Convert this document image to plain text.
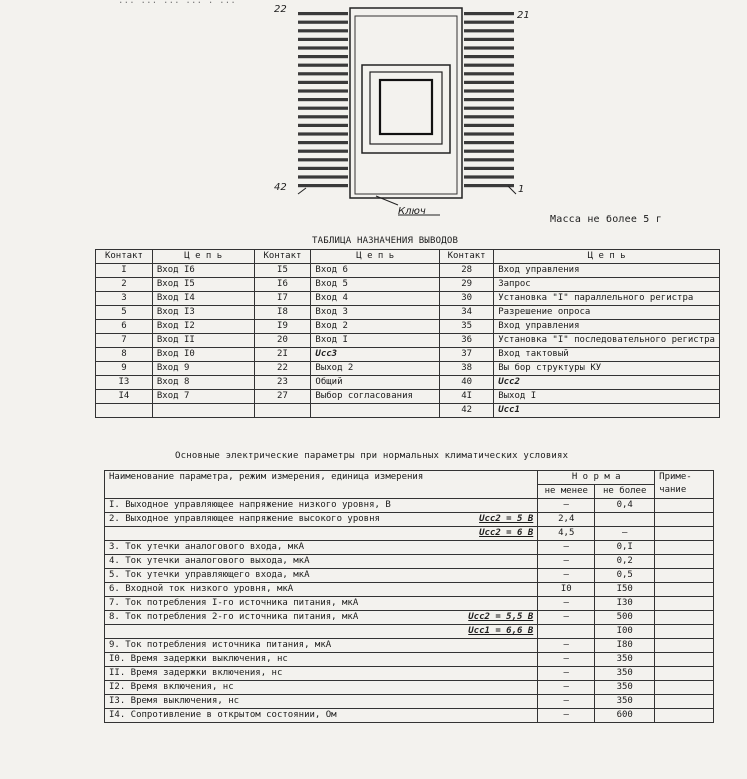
... ... ... ... . ...
22
21
42	1
Ключ
Масса не более 5 г
ТАБЛИЦА НАЗНАЧЕНИЯ ВЫВОДОВ
Контакт	Ц е п ь	Контакт	Ц е п ь	Контакт	Ц е п ь
I	Вход I6	I5	Вход 6	28	Вход управления
2	Вход I5	I6	Вход 5	29	Запрос
3	Вход I4	I7	Вход 4	30	Установка "I" параллельного регистра
5	Вход I3	I8	Вход 3	34	Разрешение опроса
6	Вход I2	I9	Вход 2	35	Вход управления
7	Вход II	20	Вход I	36	Установка "I" последовательного регистра
8	Вход I0	2I	Ucc3	37	Вход тактовый
9	Вход 9	22	Выход 2	38	Вы бор структуры КУ
I3	Вход 8	23	Общий	40	Ucc2
I4	Вход 7	27	Выбор согласования	4I	Выход I
				42	Ucc1
Основные электрические параметры при нормальных климатических условиях
Наименование параметра, режим измерения, единица измерения		Н о р м а		Приме-чание
		не менее	не более	
I. Выходное управляющее напряжение низкого уровня, В		–	0,4	
2. Выходное управляющее напряжение высокого уровня	Ucc2 = 5 В	2,4		
	Ucc2 = 6 В	4,5	–	
3. Ток утечки аналогового входа, мкА		–	0,I	
4. Ток утечки аналогового выхода, мкА		–	0,2	
5. Ток утечки управляющего входа, мкА		–	0,5	
6. Входной ток низкого уровня, мкА		I0	I50	
7. Ток потребления I-го источника питания, мкА		–	I30	
8. Ток потребления 2-го источника питания, мкА	Ucc2 = 5,5 В	–	500	
	Ucc1 = 6,6 В		I00	
9. Ток потребления источника питания, мкА		–	I80	
I0. Время задержки выключения, нс		–	350	
II. Время задержки включения, нс		–	350	
I2. Время включения, нс		–	350	
I3. Время выключения, нс		–	350	
I4. Сопротивление в открытом состоянии, Ом		–	600	
